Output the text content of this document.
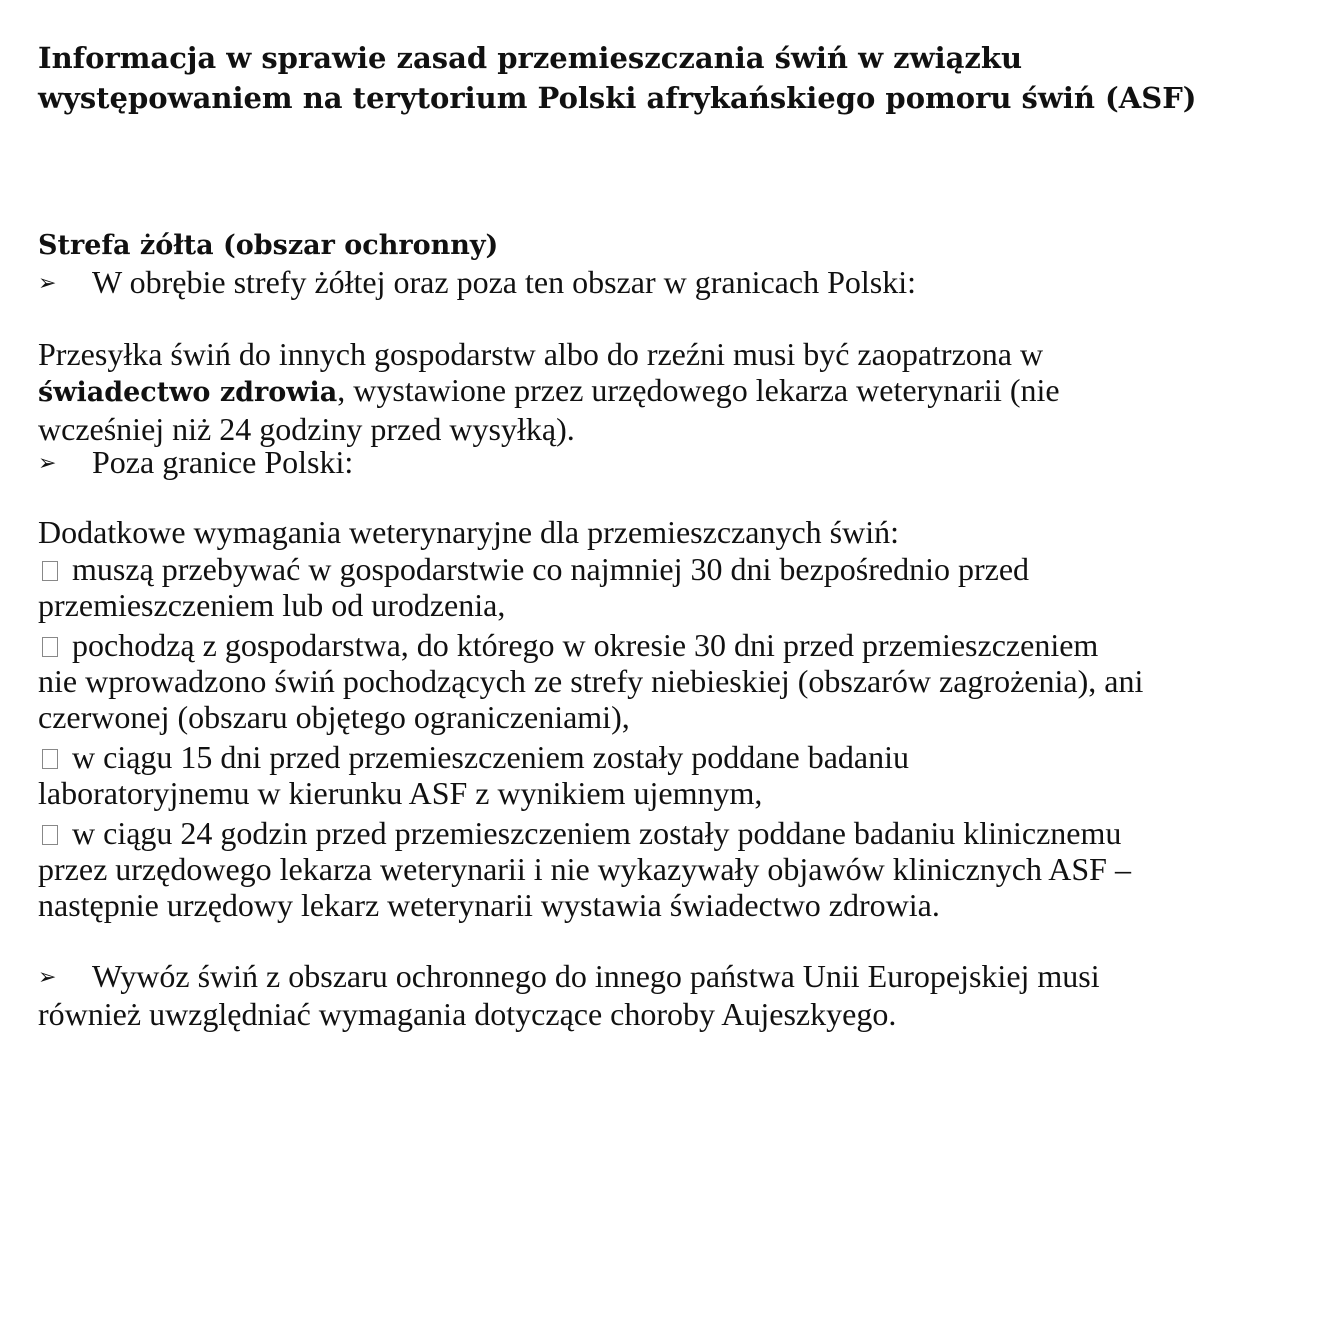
Informacja w sprawie zasad przemieszczania świń w związku
występowaniem na terytorium Polski afrykańskiego pomoru świń (ASF)
Strefa żółta (obszar ochronny)
➢ W obrębie strefy żółtej oraz poza ten obszar w granicach Polski:
Przesyłka świń do innych gospodarstw albo do rzeźni musi być zaopatrzona w
świadectwo zdrowia, wystawione przez urzędowego lekarza weterynarii (nie
wcześniej niż 24 godziny przed wysyłką).
➢ Poza granice Polski:
Dodatkowe wymagania weterynaryjne dla przemieszczanych świń:
muszą przebywać w gospodarstwie co najmniej 30 dni bezpośrednio przed
przemieszczeniem lub od urodzenia,
pochodzą z gospodarstwa, do którego w okresie 30 dni przed przemieszczeniem
nie wprowadzono świń pochodzących ze strefy niebieskiej (obszarów zagrożenia), ani
czerwonej (obszaru objętego ograniczeniami),
w ciągu 15 dni przed przemieszczeniem zostały poddane badaniu
laboratoryjnemu w kierunku ASF z wynikiem ujemnym,
w ciągu 24 godzin przed przemieszczeniem zostały poddane badaniu klinicznemu
przez urzędowego lekarza weterynarii i nie wykazywały objawów klinicznych ASF –
następnie urzędowy lekarz weterynarii wystawia świadectwo zdrowia.
➢ Wywóz świń z obszaru ochronnego do innego państwa Unii Europejskiej musi
również uwzględniać wymagania dotyczące choroby Aujeszkyego.
